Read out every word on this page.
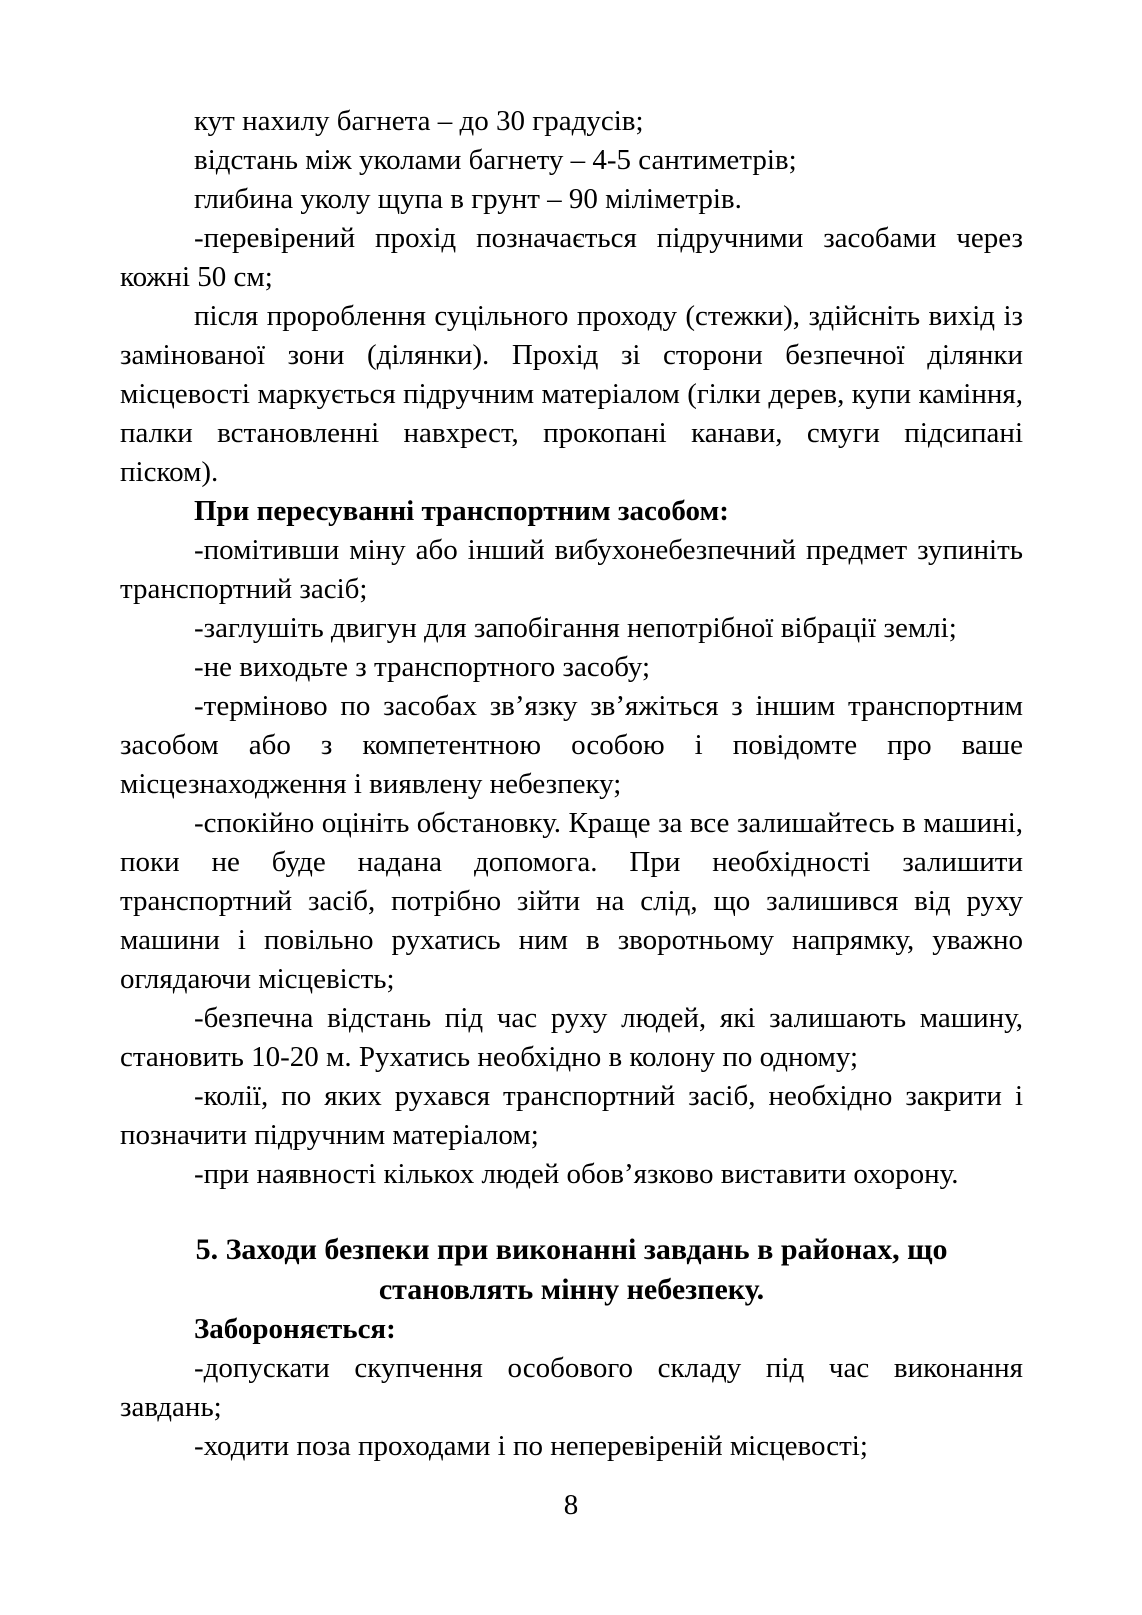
кут нахилу багнета – до 30 градусів;

відстань між уколами багнету – 4-5 сантиметрів;

глибина уколу щупа в грунт – 90 міліметрів.

-перевірений прохід позначається підручними засобами через кожні 50 см;

після пророблення суцільного проходу (стежки), здійсніть вихід із замінованої зони (ділянки). Прохід зі сторони безпечної ділянки місцевості маркується підручним матеріалом (гілки дерев, купи каміння, палки встановленні навхрест, прокопані канави, смуги підсипані піском).

При пересуванні транспортним засобом:

-помітивши міну або інший вибухонебезпечний предмет зупиніть транспортний засіб;

-заглушіть двигун для запобігання непотрібної вібрації землі;

-не виходьте з транспортного засобу;

-терміново по засобах зв’язку зв’яжіться з іншим транспортним засобом або з компетентною особою і повідомте про ваше місцезнаходження і виявлену небезпеку;

-спокійно оцініть обстановку. Краще за все залишайтесь в машині, поки не буде надана допомога. При необхідності залишити транспортний засіб, потрібно зійти на слід, що залишився від руху машини і повільно рухатись ним в зворотньому напрямку, уважно оглядаючи місцевість;

-безпечна відстань під час руху людей, які залишають машину, становить 10-20 м. Рухатись необхідно в колону по одному;

-колії, по яких рухався транспортний засіб, необхідно закрити і позначити підручним матеріалом;

-при наявності кількох людей обов’язково виставити охорону.

5. Заходи безпеки при виконанні завдань в районах, що
становлять мінну небезпеку.

Забороняється:

-допускати скупчення особового складу під час виконання завдань;

-ходити поза проходами і по неперевіреній місцевості;

8
